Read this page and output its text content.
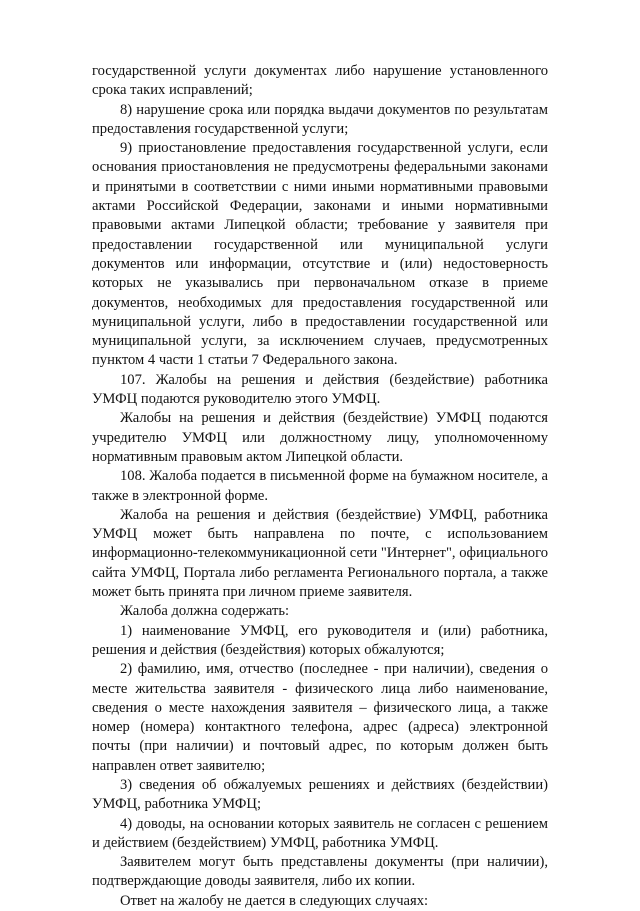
государственной услуги документах либо нарушение установленного срока таких исправлений;

8) нарушение срока или порядка выдачи документов по результатам предоставления государственной услуги;

9) приостановление предоставления государственной услуги, если основания приостановления не предусмотрены федеральными законами и принятыми в соответствии с ними иными нормативными правовыми актами Российской Федерации, законами и иными нормативными правовыми актами Липецкой области; требование у заявителя при предоставлении государственной или муниципальной услуги документов или информации, отсутствие и (или) недостоверность которых не указывались при первоначальном отказе в приеме документов, необходимых для предоставления государственной или муниципальной услуги, либо в предоставлении государственной или муниципальной услуги, за исключением случаев, предусмотренных пунктом 4 части 1 статьи 7 Федерального закона.

107. Жалобы на решения и действия (бездействие) работника УМФЦ подаются руководителю этого УМФЦ.

Жалобы на решения и действия (бездействие) УМФЦ подаются учредителю УМФЦ или должностному лицу, уполномоченному нормативным правовым актом Липецкой области.

108. Жалоба подается в письменной форме на бумажном носителе, а также в электронной форме.

Жалоба на решения и действия (бездействие) УМФЦ, работника УМФЦ может быть направлена по почте, с использованием информационно-телекоммуникационной сети "Интернет", официального сайта УМФЦ, Портала либо регламента Регионального портала, а также может быть принята при личном приеме заявителя.

Жалоба должна содержать:

1) наименование УМФЦ, его руководителя и (или) работника, решения и действия (бездействия) которых обжалуются;

2) фамилию, имя, отчество (последнее - при наличии), сведения о месте жительства заявителя - физического лица либо наименование, сведения о месте нахождения заявителя – физического лица, а также номер (номера) контактного телефона, адрес (адреса) электронной почты (при наличии) и почтовый адрес, по которым должен быть направлен ответ заявителю;

3) сведения об обжалуемых решениях и действиях (бездействии) УМФЦ, работника УМФЦ;

4) доводы, на основании которых заявитель не согласен с решением и действием (бездействием) УМФЦ, работника УМФЦ.

Заявителем могут быть представлены документы (при наличии), подтверждающие доводы заявителя, либо их копии.

Ответ на жалобу не дается в следующих случаях:
